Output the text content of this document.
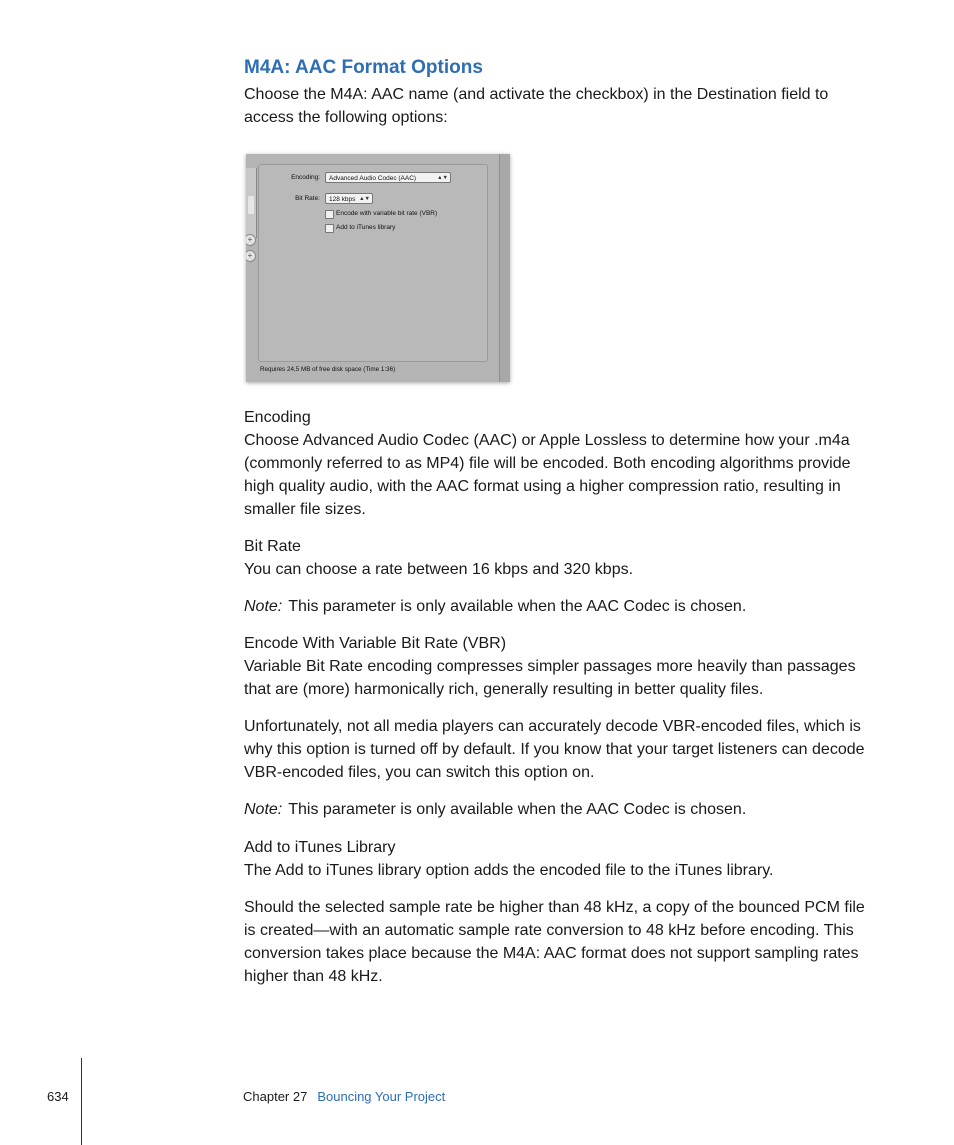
M4A: AAC Format Options

Choose the M4A: AAC name (and activate the checkbox) in the Destination field to access the following options:

+
+
Encoding:	Advanced Audio Codec (AAC)	▲▼
Bit Rate:	128 kbps ▲▼
Encode with variable bit rate (VBR)
Add to iTunes library
Requires 24,5 MB of free disk space (Time 1:36)
Encoding

Choose Advanced Audio Codec (AAC) or Apple Lossless to determine how your .m4a (commonly referred to as MP4) file will be encoded. Both encoding algorithms provide high quality audio, with the AAC format using a higher compression ratio, resulting in smaller file sizes.

Bit Rate

You can choose a rate between 16 kbps and 320 kbps.

Note: This parameter is only available when the AAC Codec is chosen.

Encode With Variable Bit Rate (VBR)

Variable Bit Rate encoding compresses simpler passages more heavily than passages that are (more) harmonically rich, generally resulting in better quality files.

Unfortunately, not all media players can accurately decode VBR-encoded files, which is why this option is turned off by default. If you know that your target listeners can decode VBR-encoded files, you can switch this option on.

Note: This parameter is only available when the AAC Codec is chosen.

Add to iTunes Library

The Add to iTunes library option adds the encoded file to the iTunes library.

Should the selected sample rate be higher than 48 kHz, a copy of the bounced PCM file is created—with an automatic sample rate conversion to 48 kHz before encoding. This conversion takes place because the M4A: AAC format does not support sampling rates higher than 48 kHz.

634	Chapter 27 Bouncing Your Project
